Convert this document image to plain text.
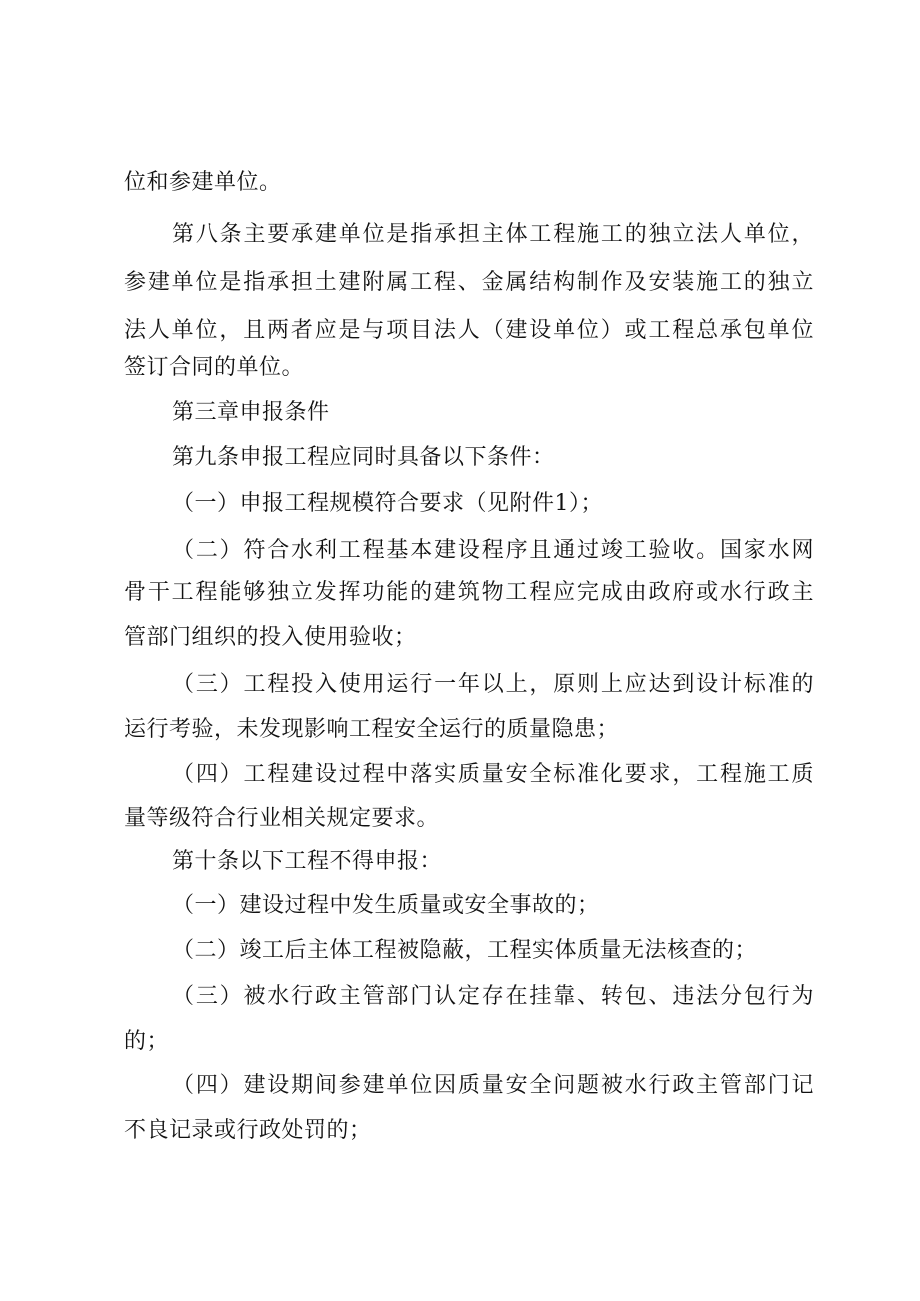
位和参建单位。
第八条主要承建单位是指承担主体工程施工的独立法人单位，
参建单位是指承担土建附属工程、金属结构制作及安装施工的独立
法人单位，且两者应是与项目法人（建设单位）或工程总承包单位
签订合同的单位。
第三章申报条件
第九条申报工程应同时具备以下条件：
（一）申报工程规模符合要求（见附件1）；
（二）符合水利工程基本建设程序且通过竣工验收。国家水网
骨干工程能够独立发挥功能的建筑物工程应完成由政府或水行政主
管部门组织的投入使用验收；
（三）工程投入使用运行一年以上，原则上应达到设计标准的
运行考验，未发现影响工程安全运行的质量隐患；
（四）工程建设过程中落实质量安全标准化要求，工程施工质
量等级符合行业相关规定要求。
第十条以下工程不得申报：
（一）建设过程中发生质量或安全事故的；
（二）竣工后主体工程被隐蔽，工程实体质量无法核查的；
（三）被水行政主管部门认定存在挂靠、转包、违法分包行为
的；
（四）建设期间参建单位因质量安全问题被水行政主管部门记
不良记录或行政处罚的；
